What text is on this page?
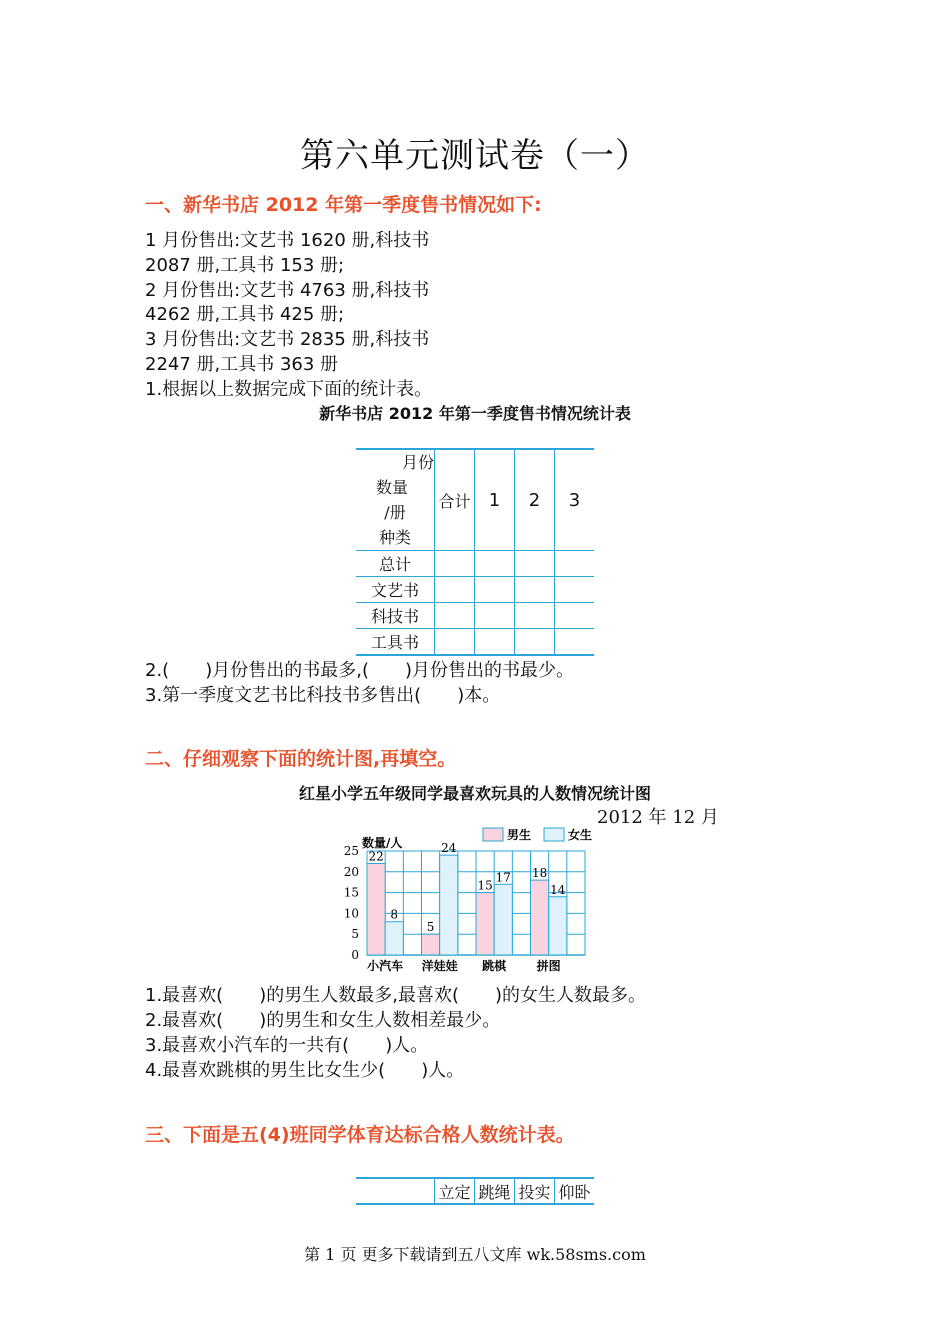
第六单元测试卷（一）
一、新华书店 2012 年第一季度售书情况如下:
1 月份售出:文艺书 1620 册,科技书
2087 册,工具书 153 册;
2 月份售出:文艺书 4763 册,科技书
4262 册,工具书 425 册;
3 月份售出:文艺书 2835 册,科技书
2247 册,工具书 363 册
1.根据以上数据完成下面的统计表。
新华书店 2012 年第一季度售书情况统计表
月份
数量
/册
种类	合计	1	2	3
总计				
文艺书				
科技书				
工具书				
2.(　　)月份售出的书最多,(　　)月份售出的书最少。
3.第一季度文艺书比科技书多售出(　　)本。
二、仔细观察下面的统计图,再填空。
红星小学五年级同学最喜欢玩具的人数情况统计图
2012 年 12 月
0
5
10
15
20
25
数量/人
男生	女生
22
8
小汽车
5
24
洋娃娃
15
17
跳棋
18
14
拼图
1.最喜欢(　　)的男生人数最多,最喜欢(　　)的女生人数最多。
2.最喜欢(　　)的男生和女生人数相差最少。
3.最喜欢小汽车的一共有(　　)人。
4.最喜欢跳棋的男生比女生少(　　)人。
三、下面是五(4)班同学体育达标合格人数统计表。
	立定	跳绳	投实	仰卧
第 1 页 更多下载请到五八文库 wk.58sms.com
